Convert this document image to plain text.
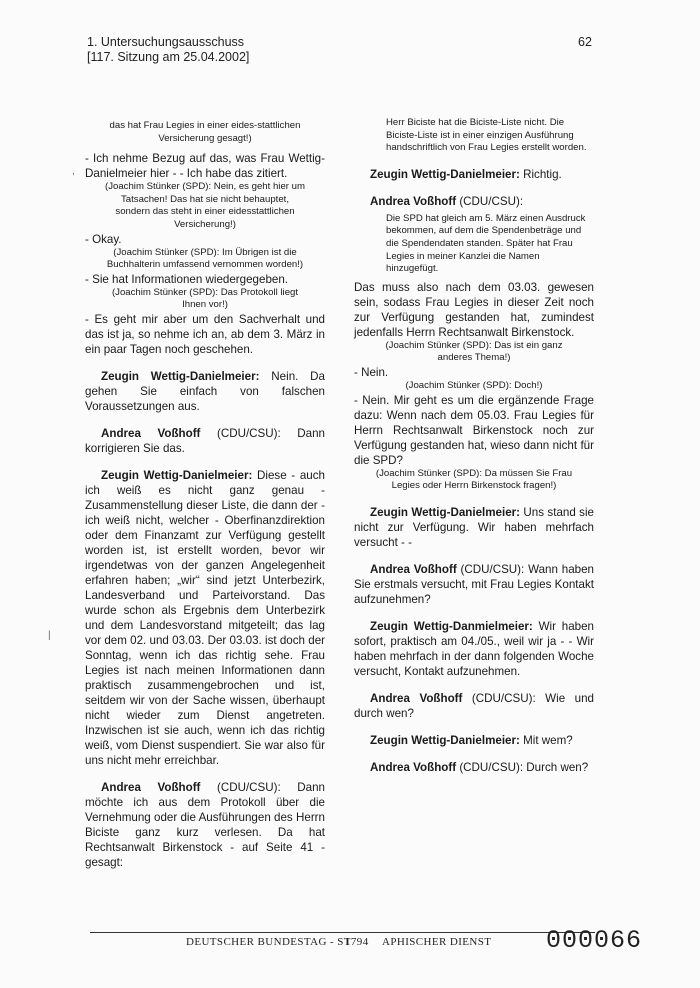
1. Untersuchungsausschuss
[117. Sitzung am 25.04.2002]
62

das hat Frau Legies in einer eides-stattlichen Versicherung gesagt!)

- Ich nehme Bezug auf das, was Frau Wettig-Danielmeier hier - - Ich habe das zitiert.

(Joachim Stünker (SPD): Nein, es geht hier um Tatsachen! Das hat sie nicht behauptet, sondern das steht in einer eidesstattlichen Versicherung!)

- Okay.

(Joachim Stünker (SPD): Im Übrigen ist die Buchhalterin umfassend vernommen worden!)

- Sie hat Informationen wiedergegeben.

(Joachim Stünker (SPD): Das Protokoll liegt Ihnen vor!)

- Es geht mir aber um den Sachverhalt und das ist ja, so nehme ich an, ab dem 3. März in ein paar Tagen noch geschehen.

Zeugin Wettig-Danielmeier: Nein. Da gehen Sie einfach von falschen Voraussetzungen aus.

Andrea Voßhoff (CDU/CSU): Dann korrigieren Sie das.

Zeugin Wettig-Danielmeier: Diese - auch ich weiß es nicht ganz genau - Zusammenstellung dieser Liste, die dann der - ich weiß nicht, welcher - Oberfinanzdirektion oder dem Finanzamt zur Verfügung gestellt worden ist, ist erstellt worden, bevor wir irgendetwas von der ganzen Angelegenheit erfahren haben; „wir“ sind jetzt Unterbezirk, Landesverband und Parteivorstand. Das wurde schon als Ergebnis dem Unterbezirk und dem Landesvorstand mitgeteilt; das lag vor dem 02. und 03.03. Der 03.03. ist doch der Sonntag, wenn ich das richtig sehe. Frau Legies ist nach meinen Informationen dann praktisch zusammengebrochen und ist, seitdem wir von der Sache wissen, überhaupt nicht wieder zum Dienst angetreten. Inzwischen ist sie auch, wenn ich das richtig weiß, vom Dienst suspendiert. Sie war also für uns nicht mehr erreichbar.

Andrea Voßhoff (CDU/CSU): Dann möchte ich aus dem Protokoll über die Vernehmung oder die Ausführungen des Herrn Biciste ganz kurz verlesen. Da hat Rechtsanwalt Birkenstock - auf Seite 41 - gesagt:

Herr Biciste hat die Biciste-Liste nicht. Die Biciste-Liste ist in einer einzigen Ausführung handschriftlich von Frau Legies erstellt worden.

Zeugin Wettig-Danielmeier: Richtig.

Andrea Voßhoff (CDU/CSU):

Die SPD hat gleich am 5. März einen Ausdruck bekommen, auf dem die Spendenbeträge und die Spendendaten standen. Später hat Frau Legies in meiner Kanzlei die Namen hinzugefügt.

Das muss also nach dem 03.03. gewesen sein, sodass Frau Legies in dieser Zeit noch zur Verfügung gestanden hat, zumindest jedenfalls Herrn Rechtsanwalt Birkenstock.

(Joachim Stünker (SPD): Das ist ein ganz anderes Thema!)

- Nein.

(Joachim Stünker (SPD): Doch!)

- Nein. Mir geht es um die ergänzende Frage dazu: Wenn nach dem 05.03. Frau Legies für Herrn Rechtsanwalt Birkenstock noch zur Verfügung gestanden hat, wieso dann nicht für die SPD?

(Joachim Stünker (SPD): Da müssen Sie Frau Legies oder Herrn Birkenstock fragen!)

Zeugin Wettig-Danielmeier: Uns stand sie nicht zur Verfügung. Wir haben mehrfach versucht - -

Andrea Voßhoff (CDU/CSU): Wann haben Sie erstmals versucht, mit Frau Legies Kontakt aufzunehmen?

Zeugin Wettig-Danmielmeier: Wir haben sofort, praktisch am 04./05., weil wir ja - - Wir haben mehrfach in der dann folgenden Woche versucht, Kontakt aufzunehmen.

Andrea Voßhoff (CDU/CSU): Wie und durch wen?

Zeugin Wettig-Danielmeier: Mit wem?

Andrea Voßhoff (CDU/CSU): Durch wen?

,
|
DEUTSCHER BUNDESTAG - ST
1794 APHISCHER DIENST 000066
